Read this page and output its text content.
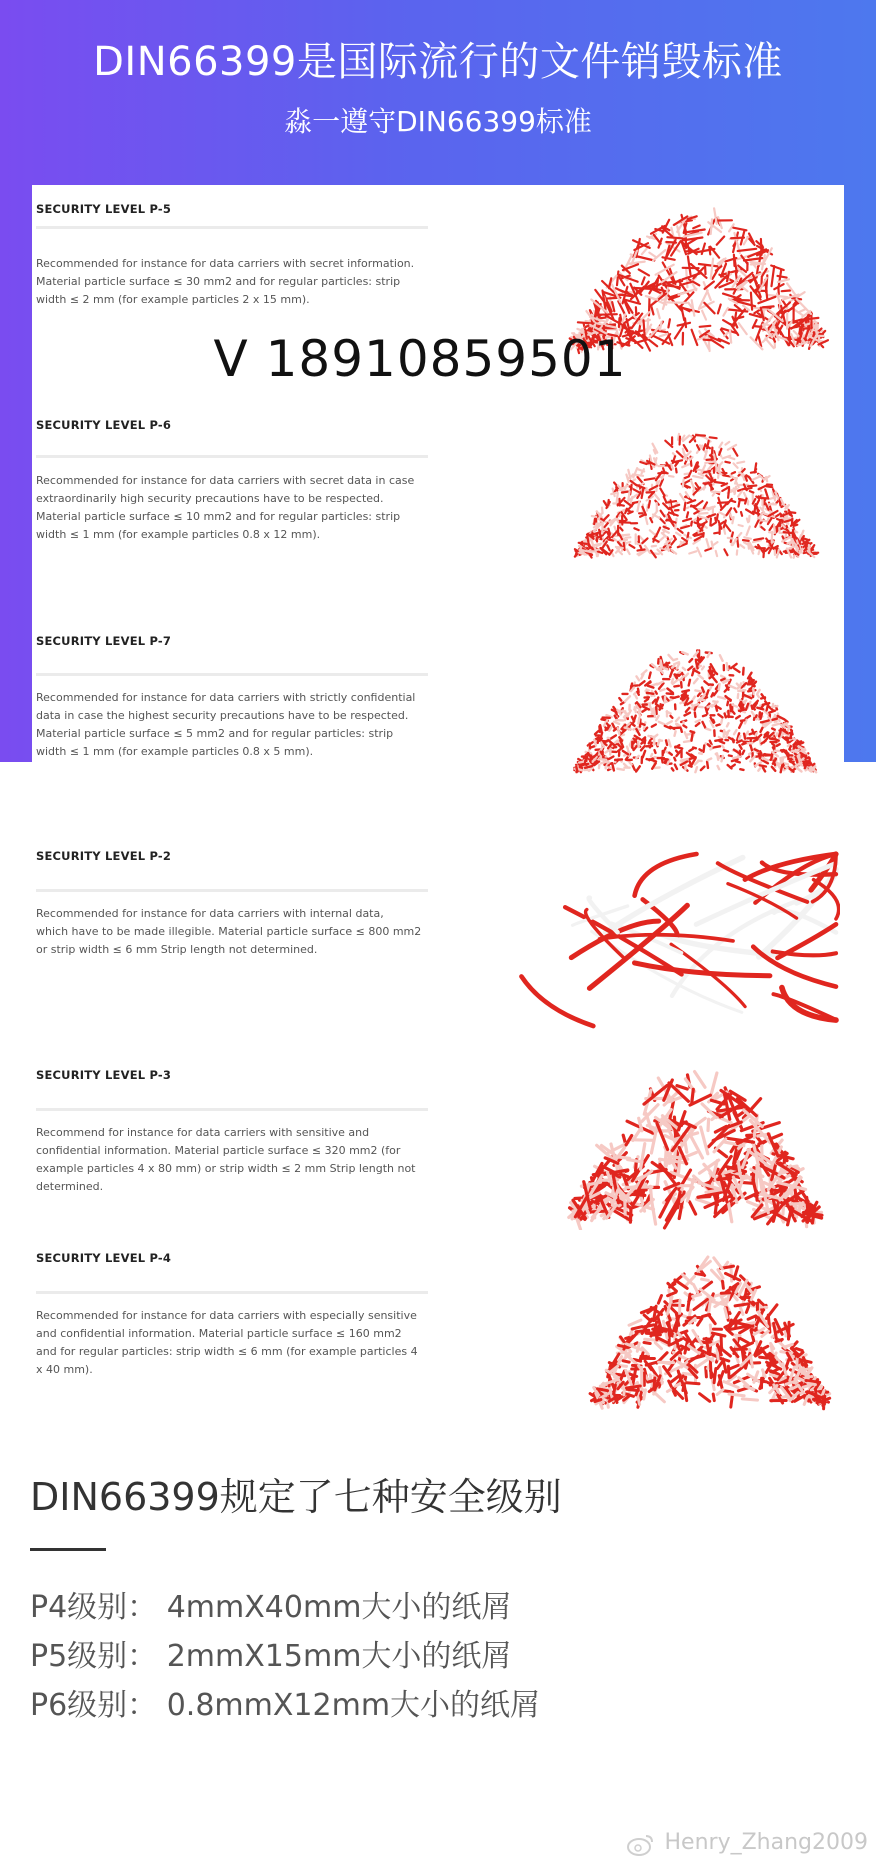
DIN66399是国际流行的文件销毁标准
淼一遵守DIN66399标准
SECURITY LEVEL P-5
Recommended for instance for data carriers with secret information.
Material particle surface ≤ 30 mm2 and for regular particles: strip
width ≤ 2 mm (for example particles 2 x 15 mm).
SECURITY LEVEL P-6
Recommended for instance for data carriers with secret data in case
extraordinarily high security precautions have to be respected.
Material particle surface ≤ 10 mm2 and for regular particles: strip
width ≤ 1 mm (for example particles 0.8 x 12 mm).
SECURITY LEVEL P-7
Recommended for instance for data carriers with strictly confidential
data in case the highest security precautions have to be respected.
Material particle surface ≤ 5 mm2 and for regular particles: strip
width ≤ 1 mm (for example particles 0.8 x 5 mm).
SECURITY LEVEL P-2
Recommended for instance for data carriers with internal data,
which have to be made illegible. Material particle surface ≤ 800 mm2
or strip width ≤ 6 mm Strip length not determined.
SECURITY LEVEL P-3
Recommend for instance for data carriers with sensitive and
confidential information. Material particle surface ≤ 320 mm2 (for
example particles 4 x 80 mm) or strip width ≤ 2 mm Strip length not
determined.
SECURITY LEVEL P-4
Recommended for instance for data carriers with especially sensitive
and confidential information. Material particle surface ≤ 160 mm2
and for regular particles: strip width ≤ 6 mm (for example particles 4
x 40 mm).
V 18910859501
DIN66399规定了七种安全级别
P4级别： 4mmX40mm大小的纸屑
P5级别： 2mmX15mm大小的纸屑
P6级别： 0.8mmX12mm大小的纸屑
Henry_Zhang2009
